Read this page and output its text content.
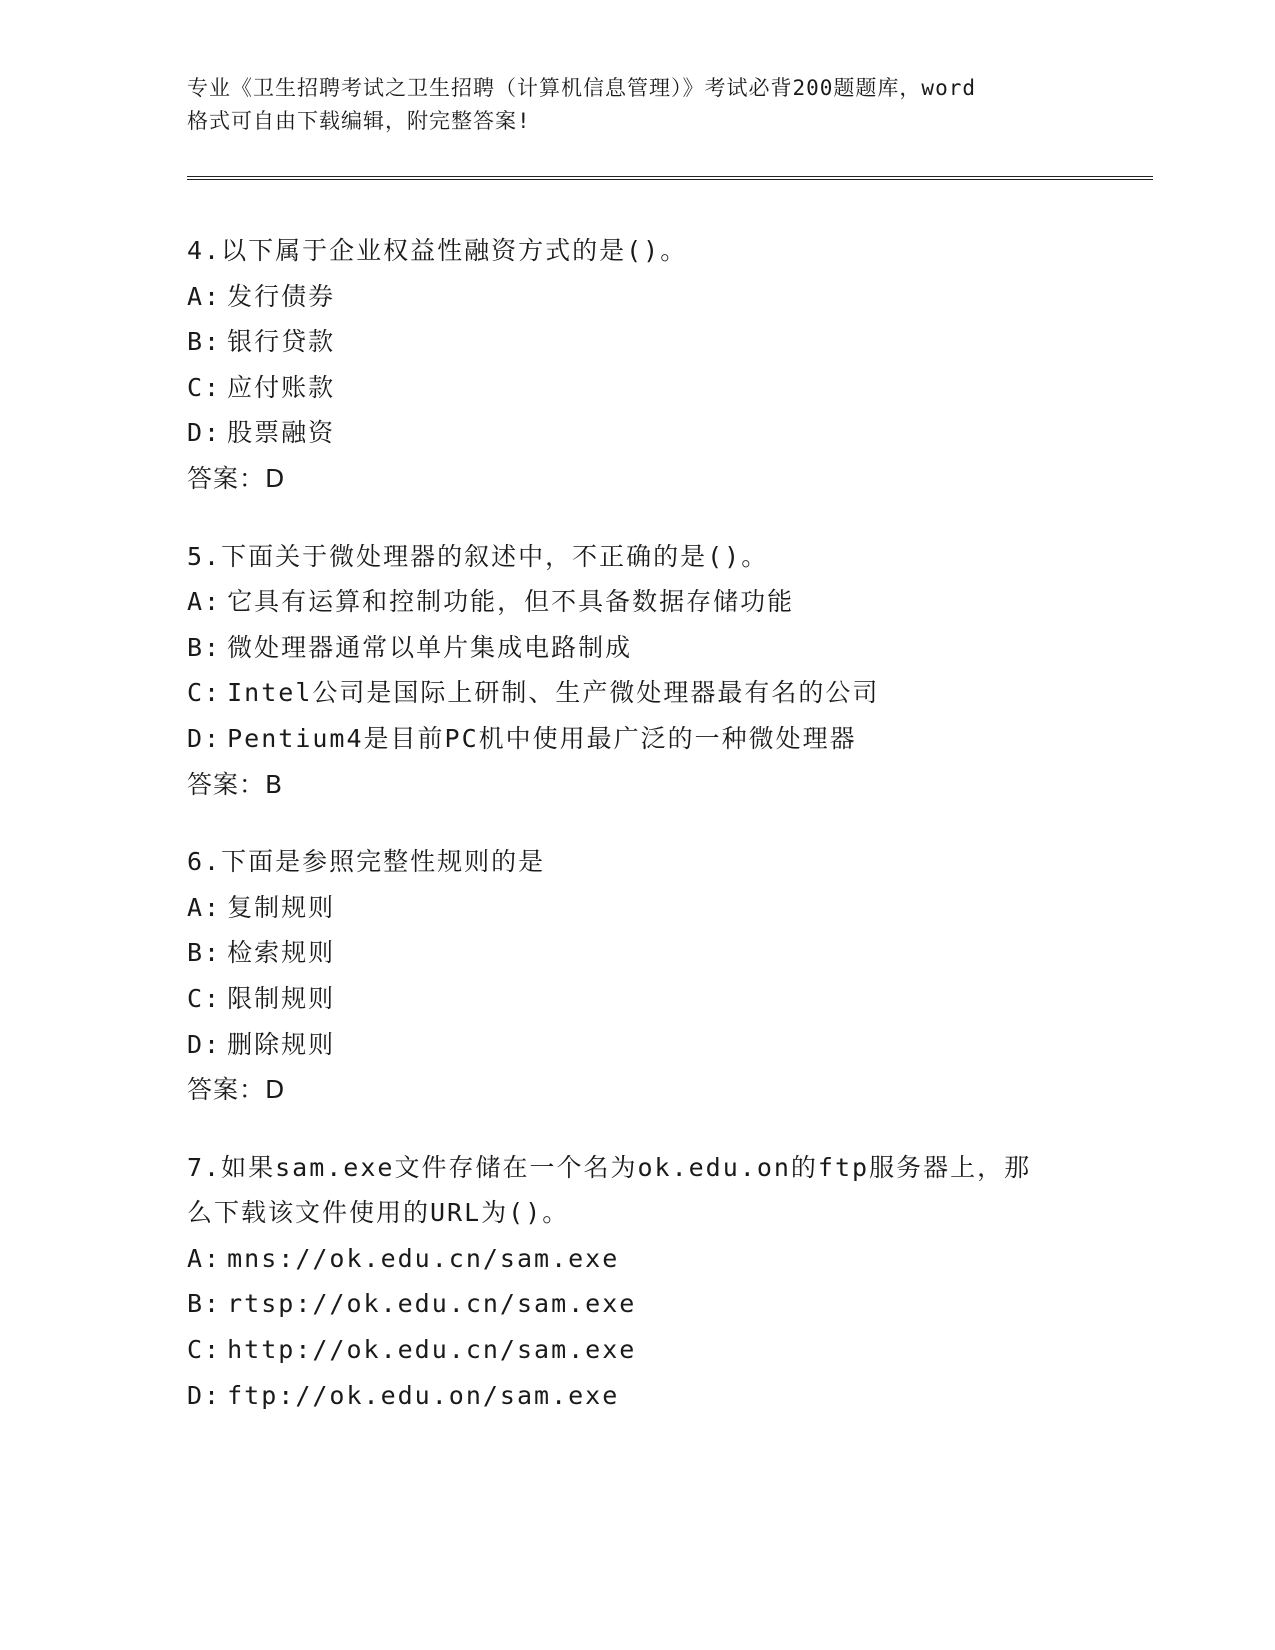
专业《卫生招聘考试之卫生招聘（计算机信息管理）》考试必背200题题库，word
格式可自由下载编辑，附完整答案!
4.以下属于企业权益性融资方式的是()。
A: 发行债券
B: 银行贷款
C: 应付账款
D: 股票融资
答案：D
5.下面关于微处理器的叙述中，不正确的是()。
A: 它具有运算和控制功能，但不具备数据存储功能
B: 微处理器通常以单片集成电路制成
C: Intel公司是国际上研制、生产微处理器最有名的公司
D: Pentium4是目前PC机中使用最广泛的一种微处理器
答案：B
6.下面是参照完整性规则的是
A: 复制规则
B: 检索规则
C: 限制规则
D: 删除规则
答案：D
7.如果sam.exe文件存储在一个名为ok.edu.on的ftp服务器上，那
么下载该文件使用的URL为()。
A: mns://ok.edu.cn/sam.exe
B: rtsp://ok.edu.cn/sam.exe
C: http://ok.edu.cn/sam.exe
D: ftp://ok.edu.on/sam.exe
